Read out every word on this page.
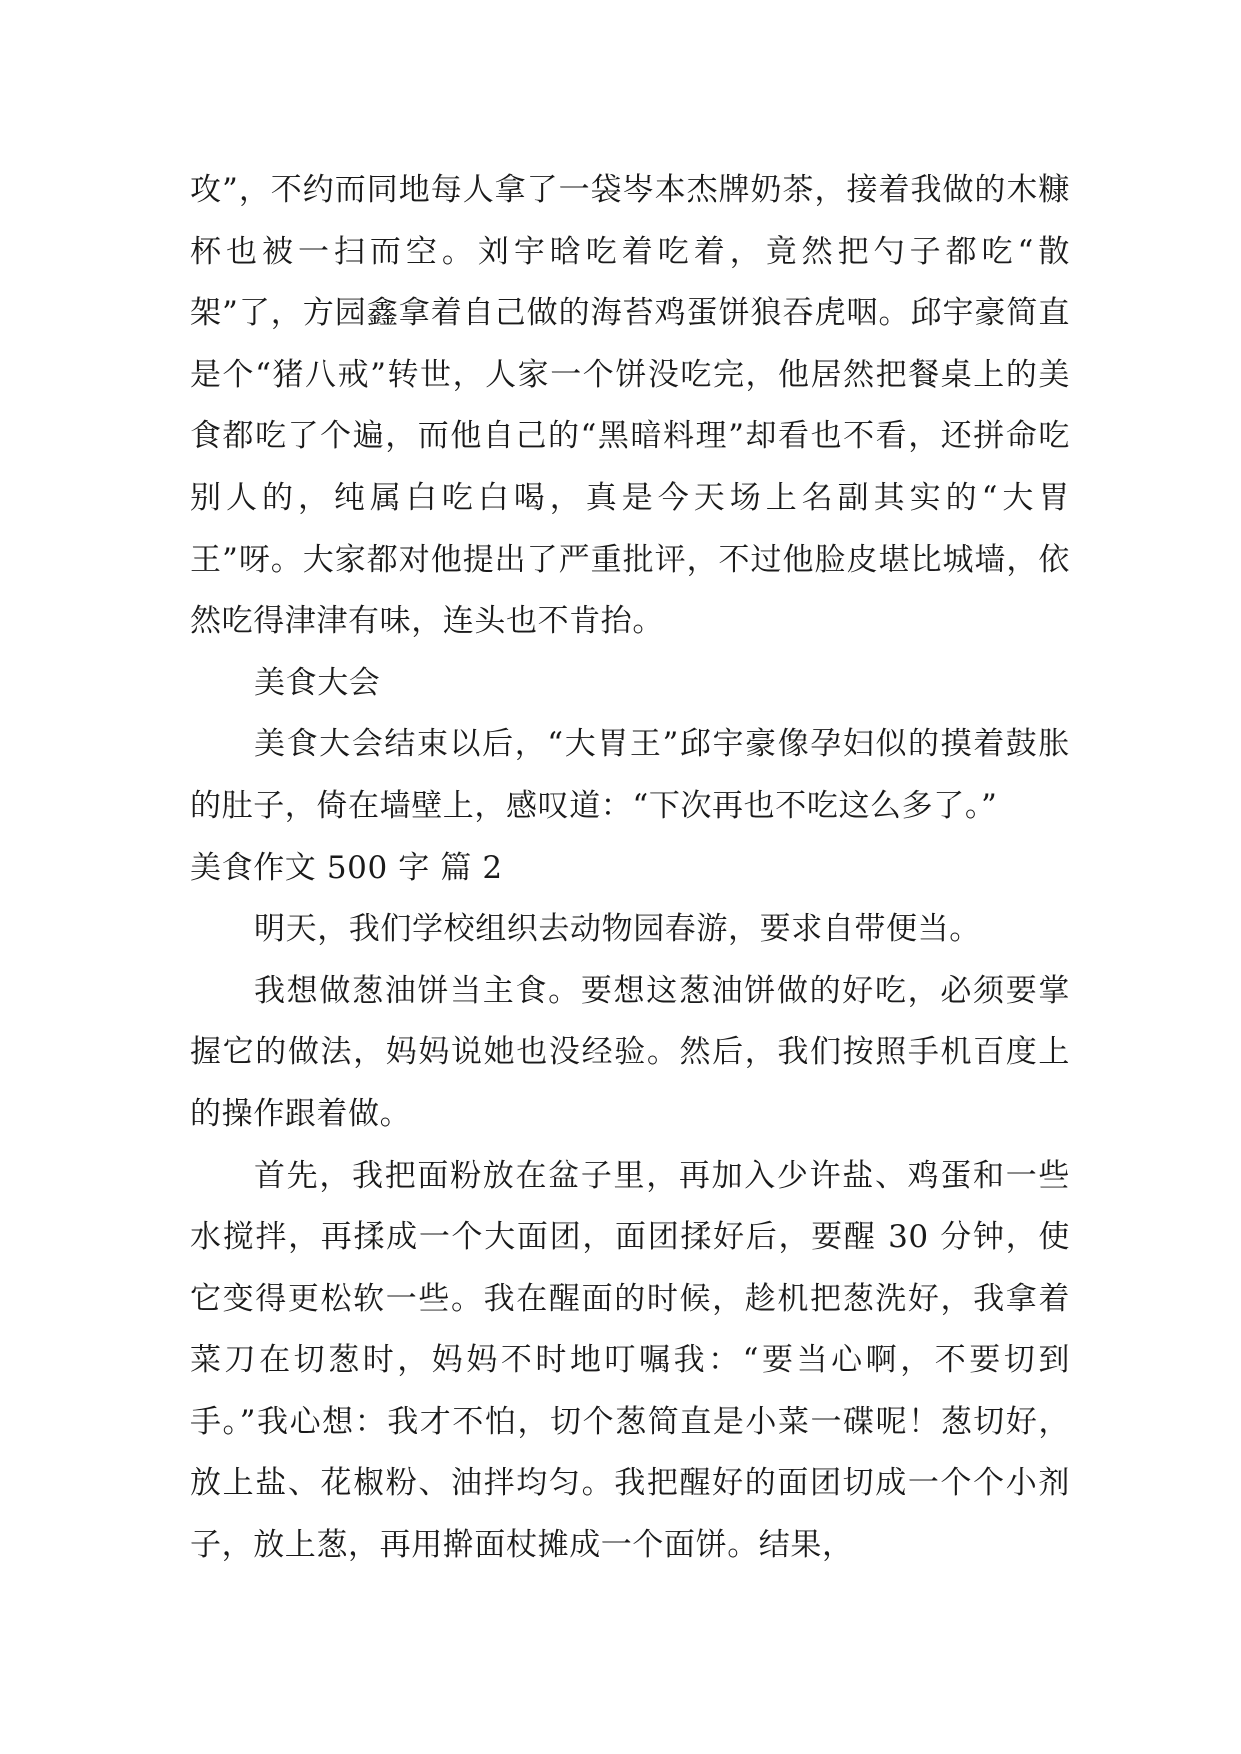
攻”，不约而同地每人拿了一袋岑本杰牌奶茶，接着我做的木糠杯也被一扫而空。刘宇晗吃着吃着，竟然把勺子都吃“散架”了，方园鑫拿着自己做的海苔鸡蛋饼狼吞虎咽。邱宇豪简直是个“猪八戒”转世，人家一个饼没吃完，他居然把餐桌上的美食都吃了个遍，而他自己的“黑暗料理”却看也不看，还拼命吃别人的，纯属白吃白喝，真是今天场上名副其实的“大胃王”呀。大家都对他提出了严重批评，不过他脸皮堪比城墙，依然吃得津津有味，连头也不肯抬。

美食大会

美食大会结束以后，“大胃王”邱宇豪像孕妇似的摸着鼓胀的肚子，倚在墙壁上，感叹道：“下次再也不吃这么多了。”

美食作文 500 字 篇 2

明天，我们学校组织去动物园春游，要求自带便当。

我想做葱油饼当主食。要想这葱油饼做的好吃，必须要掌握它的做法，妈妈说她也没经验。然后，我们按照手机百度上的操作跟着做。

首先，我把面粉放在盆子里，再加入少许盐、鸡蛋和一些水搅拌，再揉成一个大面团，面团揉好后，要醒 30 分钟，使它变得更松软一些。我在醒面的时候，趁机把葱洗好，我拿着菜刀在切葱时，妈妈不时地叮嘱我：“要当心啊，不要切到手。”我心想：我才不怕，切个葱简直是小菜一碟呢！葱切好，放上盐、花椒粉、油拌均匀。我把醒好的面团切成一个个小剂子，放上葱，再用擀面杖摊成一个面饼。结果，
